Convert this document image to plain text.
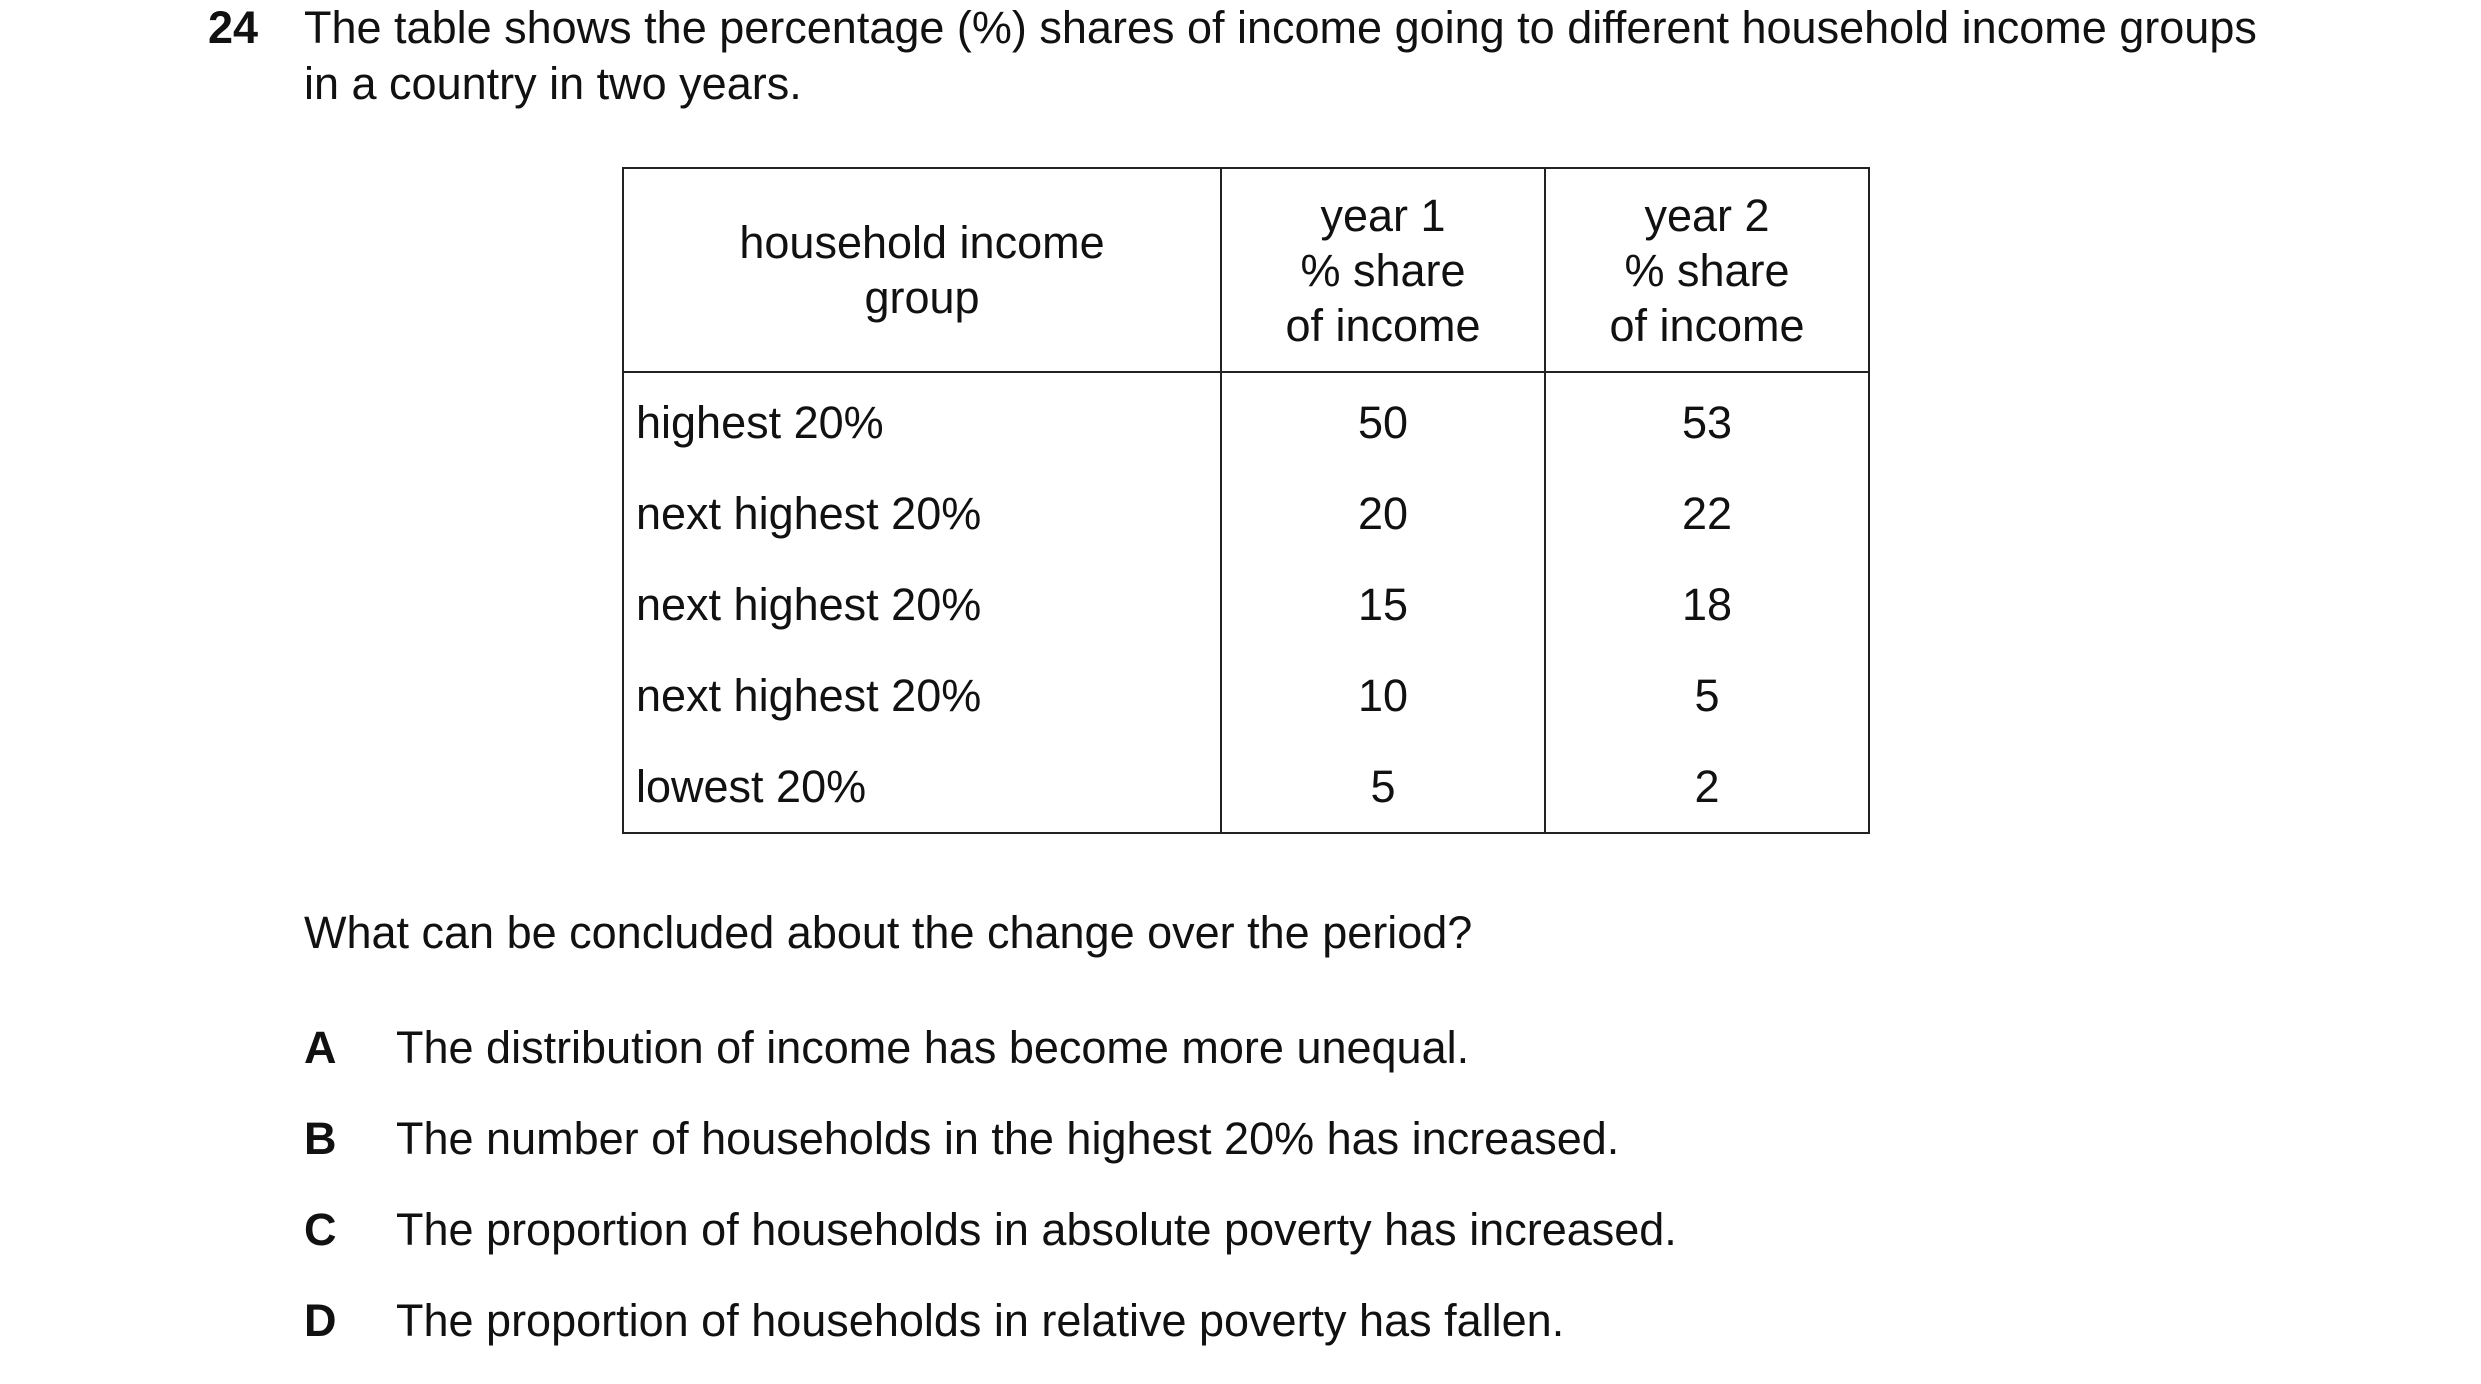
24 The table shows the percentage (%) shares of income going to different household income groups
in a country in two years.
household income
group	year 1
% share
of income	year 2
% share
of income

highest 20%	50	53
next highest 20%	20	22
next highest 20%	15	18
next highest 20%	10	5
lowest 20%	5	2
What can be concluded about the change over the period?
A The distribution of income has become more unequal.
B The number of households in the highest 20% has increased.
C The proportion of households in absolute poverty has increased.
D The proportion of households in relative poverty has fallen.
